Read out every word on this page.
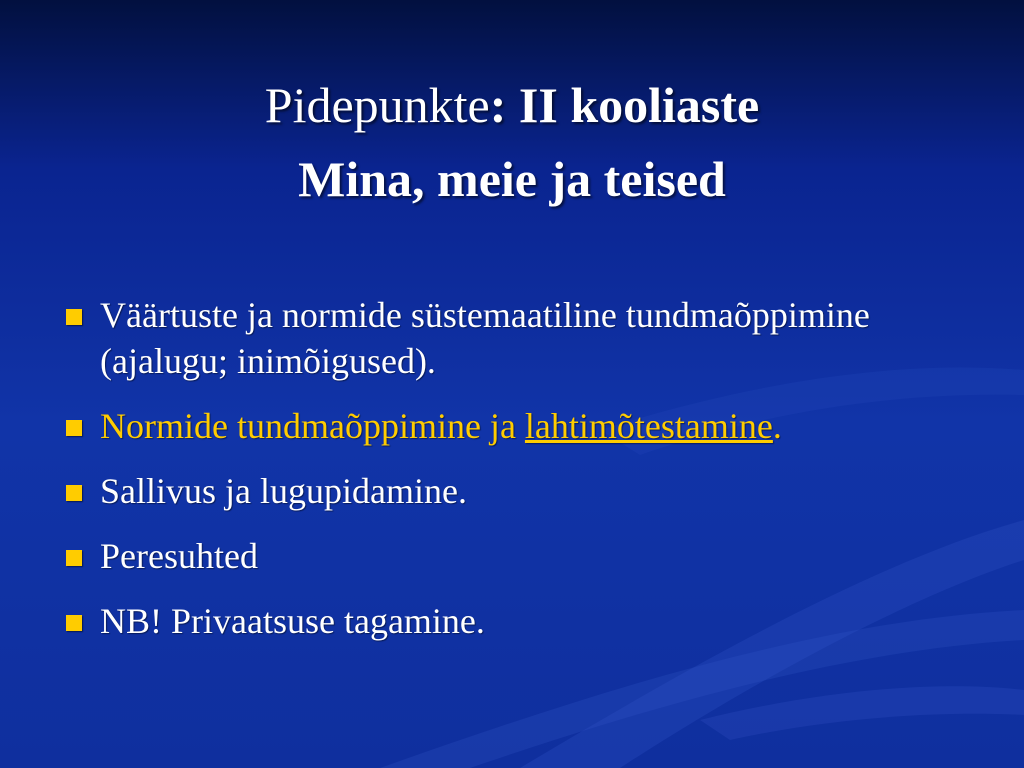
Pidepunkte: II kooliaste
Mina, meie ja teised
Väärtuste ja normide süstemaatiline tundmaõppimine (ajalugu; inimõigused).
Normide tundmaõppimine ja lahtimõtestamine.
Sallivus ja lugupidamine.
Peresuhted
NB! Privaatsuse tagamine.
